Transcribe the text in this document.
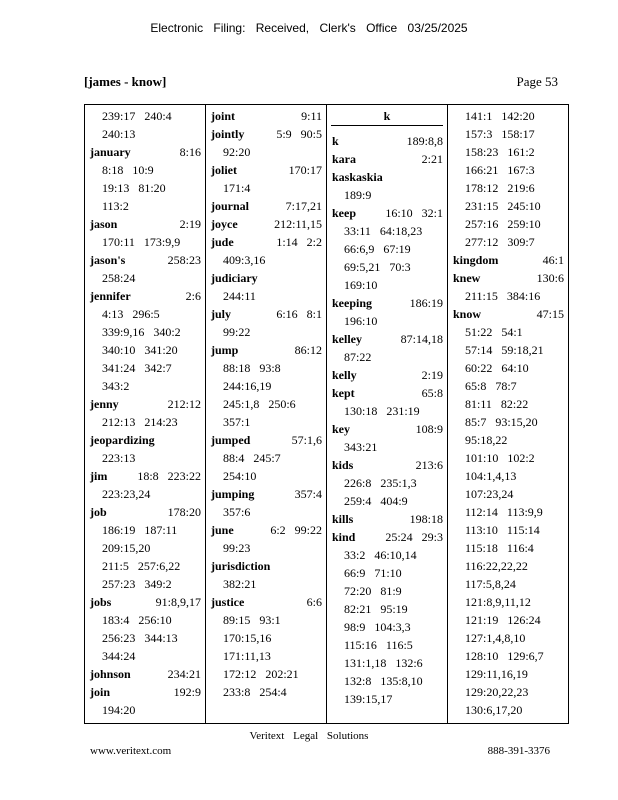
Electronic Filing: Received, Clerk's Office 03/25/2025
[james - know]	Page 53
239:17   240:4
240:13
january	8:16
8:18   10:9
19:13   81:20
113:2
jason	2:19
170:11   173:9,9
jason's	258:23
258:24
jennifer	2:6
4:13   296:5
339:9,16   340:2
340:10   341:20
341:24   342:7
343:2
jenny	212:12
212:13   214:23
jeopardizing
223:13
jim	18:8   223:22
223:23,24
job	178:20
186:19   187:11
209:15,20
211:5   257:6,22
257:23   349:2
jobs	91:8,9,17
183:4   256:10
256:23   344:13
344:24
johnson	234:21
join	192:9
194:20
joint	9:11
jointly	5:9   90:5
92:20
joliet	170:17
171:4
journal	7:17,21
joyce	212:11,15
jude	1:14   2:2
409:3,16
judiciary
244:11
july	6:16   8:1
99:22
jump	86:12
88:18   93:8
244:16,19
245:1,8   250:6
357:1
jumped	57:1,6
88:4   245:7
254:10
jumping	357:4
357:6
june	6:2   99:22
99:23
jurisdiction
382:21
justice	6:6
89:15   93:1
170:15,16
171:11,13
172:12   202:21
233:8   254:4
k
k	189:8,8
kara	2:21
kaskaskia
189:9
keep 16:10   32:1
33:11   64:18,23
66:6,9   67:19
69:5,21   70:3
169:10
keeping	186:19
196:10
kelley	87:14,18
87:22
kelly	2:19
kept	65:8
130:18   231:19
key	108:9
343:21
kids	213:6
226:8   235:1,3
259:4   404:9
kills	198:18
kind 25:24   29:3
33:2   46:10,14
66:9   71:10
72:20   81:9
82:21   95:19
98:9   104:3,3
115:16   116:5
131:1,18   132:6
132:8   135:8,10
139:15,17
141:1   142:20
157:3   158:17
158:23   161:2
166:21   167:3
178:12   219:6
231:15   245:10
257:16   259:10
277:12   309:7
kingdom	46:1
knew	130:6
211:15   384:16
know	47:15
51:22   54:1
57:14   59:18,21
60:22   64:10
65:8   78:7
81:11   82:22
85:7   93:15,20
95:18,22
101:10   102:2
104:1,4,13
107:23,24
112:14   113:9,9
113:10   115:14
115:18   116:4
116:22,22,22
117:5,8,24
121:8,9,11,12
121:19   126:24
127:1,4,8,10
128:10   129:6,7
129:11,16,19
129:20,22,23
130:6,17,20
Veritext Legal Solutions
www.veritext.com	888-391-3376
